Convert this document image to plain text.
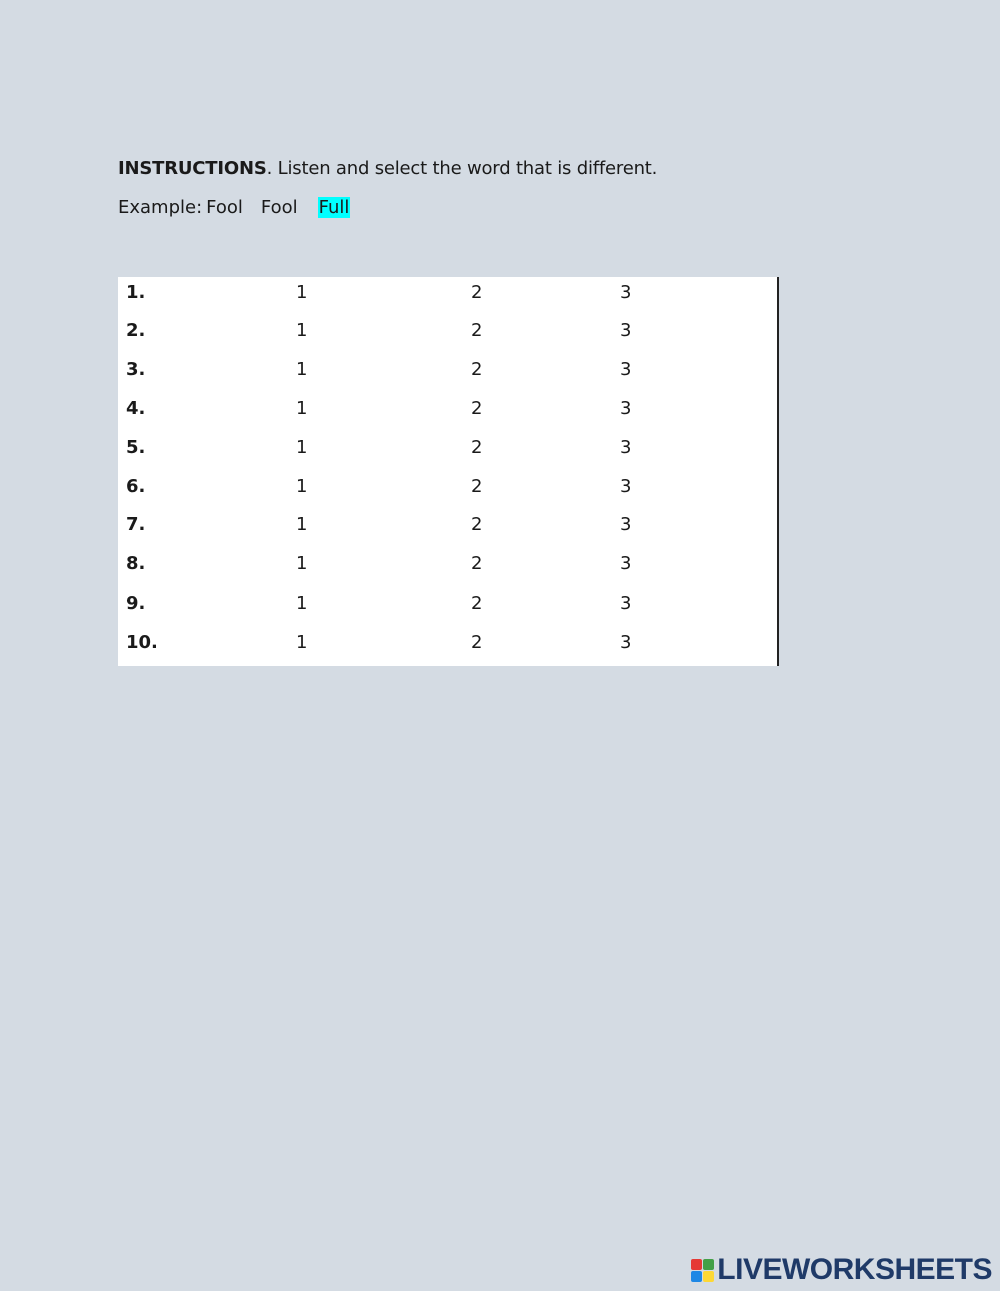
INSTRUCTIONS. Listen and select the word that is different.
Example: Fool Fool Full
1.	1	2	3
2.	1	2	3
3.	1	2	3
4.	1	2	3
5.	1	2	3
6.	1	2	3
7.	1	2	3
8.	1	2	3
9.	1	2	3
10.	1	2	3
LIVEWORKSHEETS
